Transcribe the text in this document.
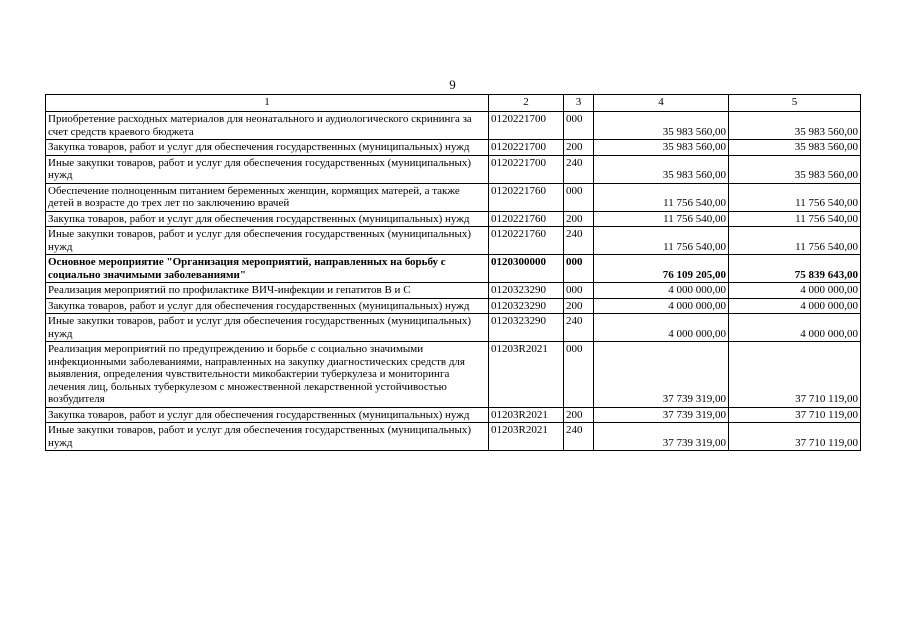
9
1	2	3	4	5
Приобретение расходных материалов для неонатального и аудиологического скрининга за счет средств краевого бюджета	0120221700	000	35 983 560,00	35 983 560,00
Закупка товаров, работ и услуг для обеспечения государственных (муниципальных) нужд	0120221700	200	35 983 560,00	35 983 560,00
Иные закупки товаров, работ и услуг для обеспечения государственных (муниципальных) нужд	0120221700	240	35 983 560,00	35 983 560,00
Обеспечение полноценным питанием беременных женщин, кормящих матерей, а также детей в возрасте до трех лет по заключению врачей	0120221760	000	11 756 540,00	11 756 540,00
Закупка товаров, работ и услуг для обеспечения государственных (муниципальных) нужд	0120221760	200	11 756 540,00	11 756 540,00
Иные закупки товаров, работ и услуг для обеспечения государственных (муниципальных) нужд	0120221760	240	11 756 540,00	11 756 540,00
Основное мероприятие "Организация мероприятий, направленных на борьбу с социально значимыми заболеваниями"	0120300000	000	76 109 205,00	75 839 643,00
Реализация мероприятий по профилактике ВИЧ-инфекции и гепатитов В и С	0120323290	000	4 000 000,00	4 000 000,00
Закупка товаров, работ и услуг для обеспечения государственных (муниципальных) нужд	0120323290	200	4 000 000,00	4 000 000,00
Иные закупки товаров, работ и услуг для обеспечения государственных (муниципальных) нужд	0120323290	240	4 000 000,00	4 000 000,00
Реализация мероприятий по предупреждению и борьбе с социально значимыми инфекционными заболеваниями, направленных на закупку диагностических средств для выявления, определения чувствительности микобактерии туберкулеза и мониторинга лечения лиц, больных туберкулезом с множественной лекарственной устойчивостью возбудителя	01203R2021	000	37 739 319,00	37 710 119,00
Закупка товаров, работ и услуг для обеспечения государственных (муниципальных) нужд	01203R2021	200	37 739 319,00	37 710 119,00
Иные закупки товаров, работ и услуг для обеспечения государственных (муниципальных) нужд	01203R2021	240	37 739 319,00	37 710 119,00
